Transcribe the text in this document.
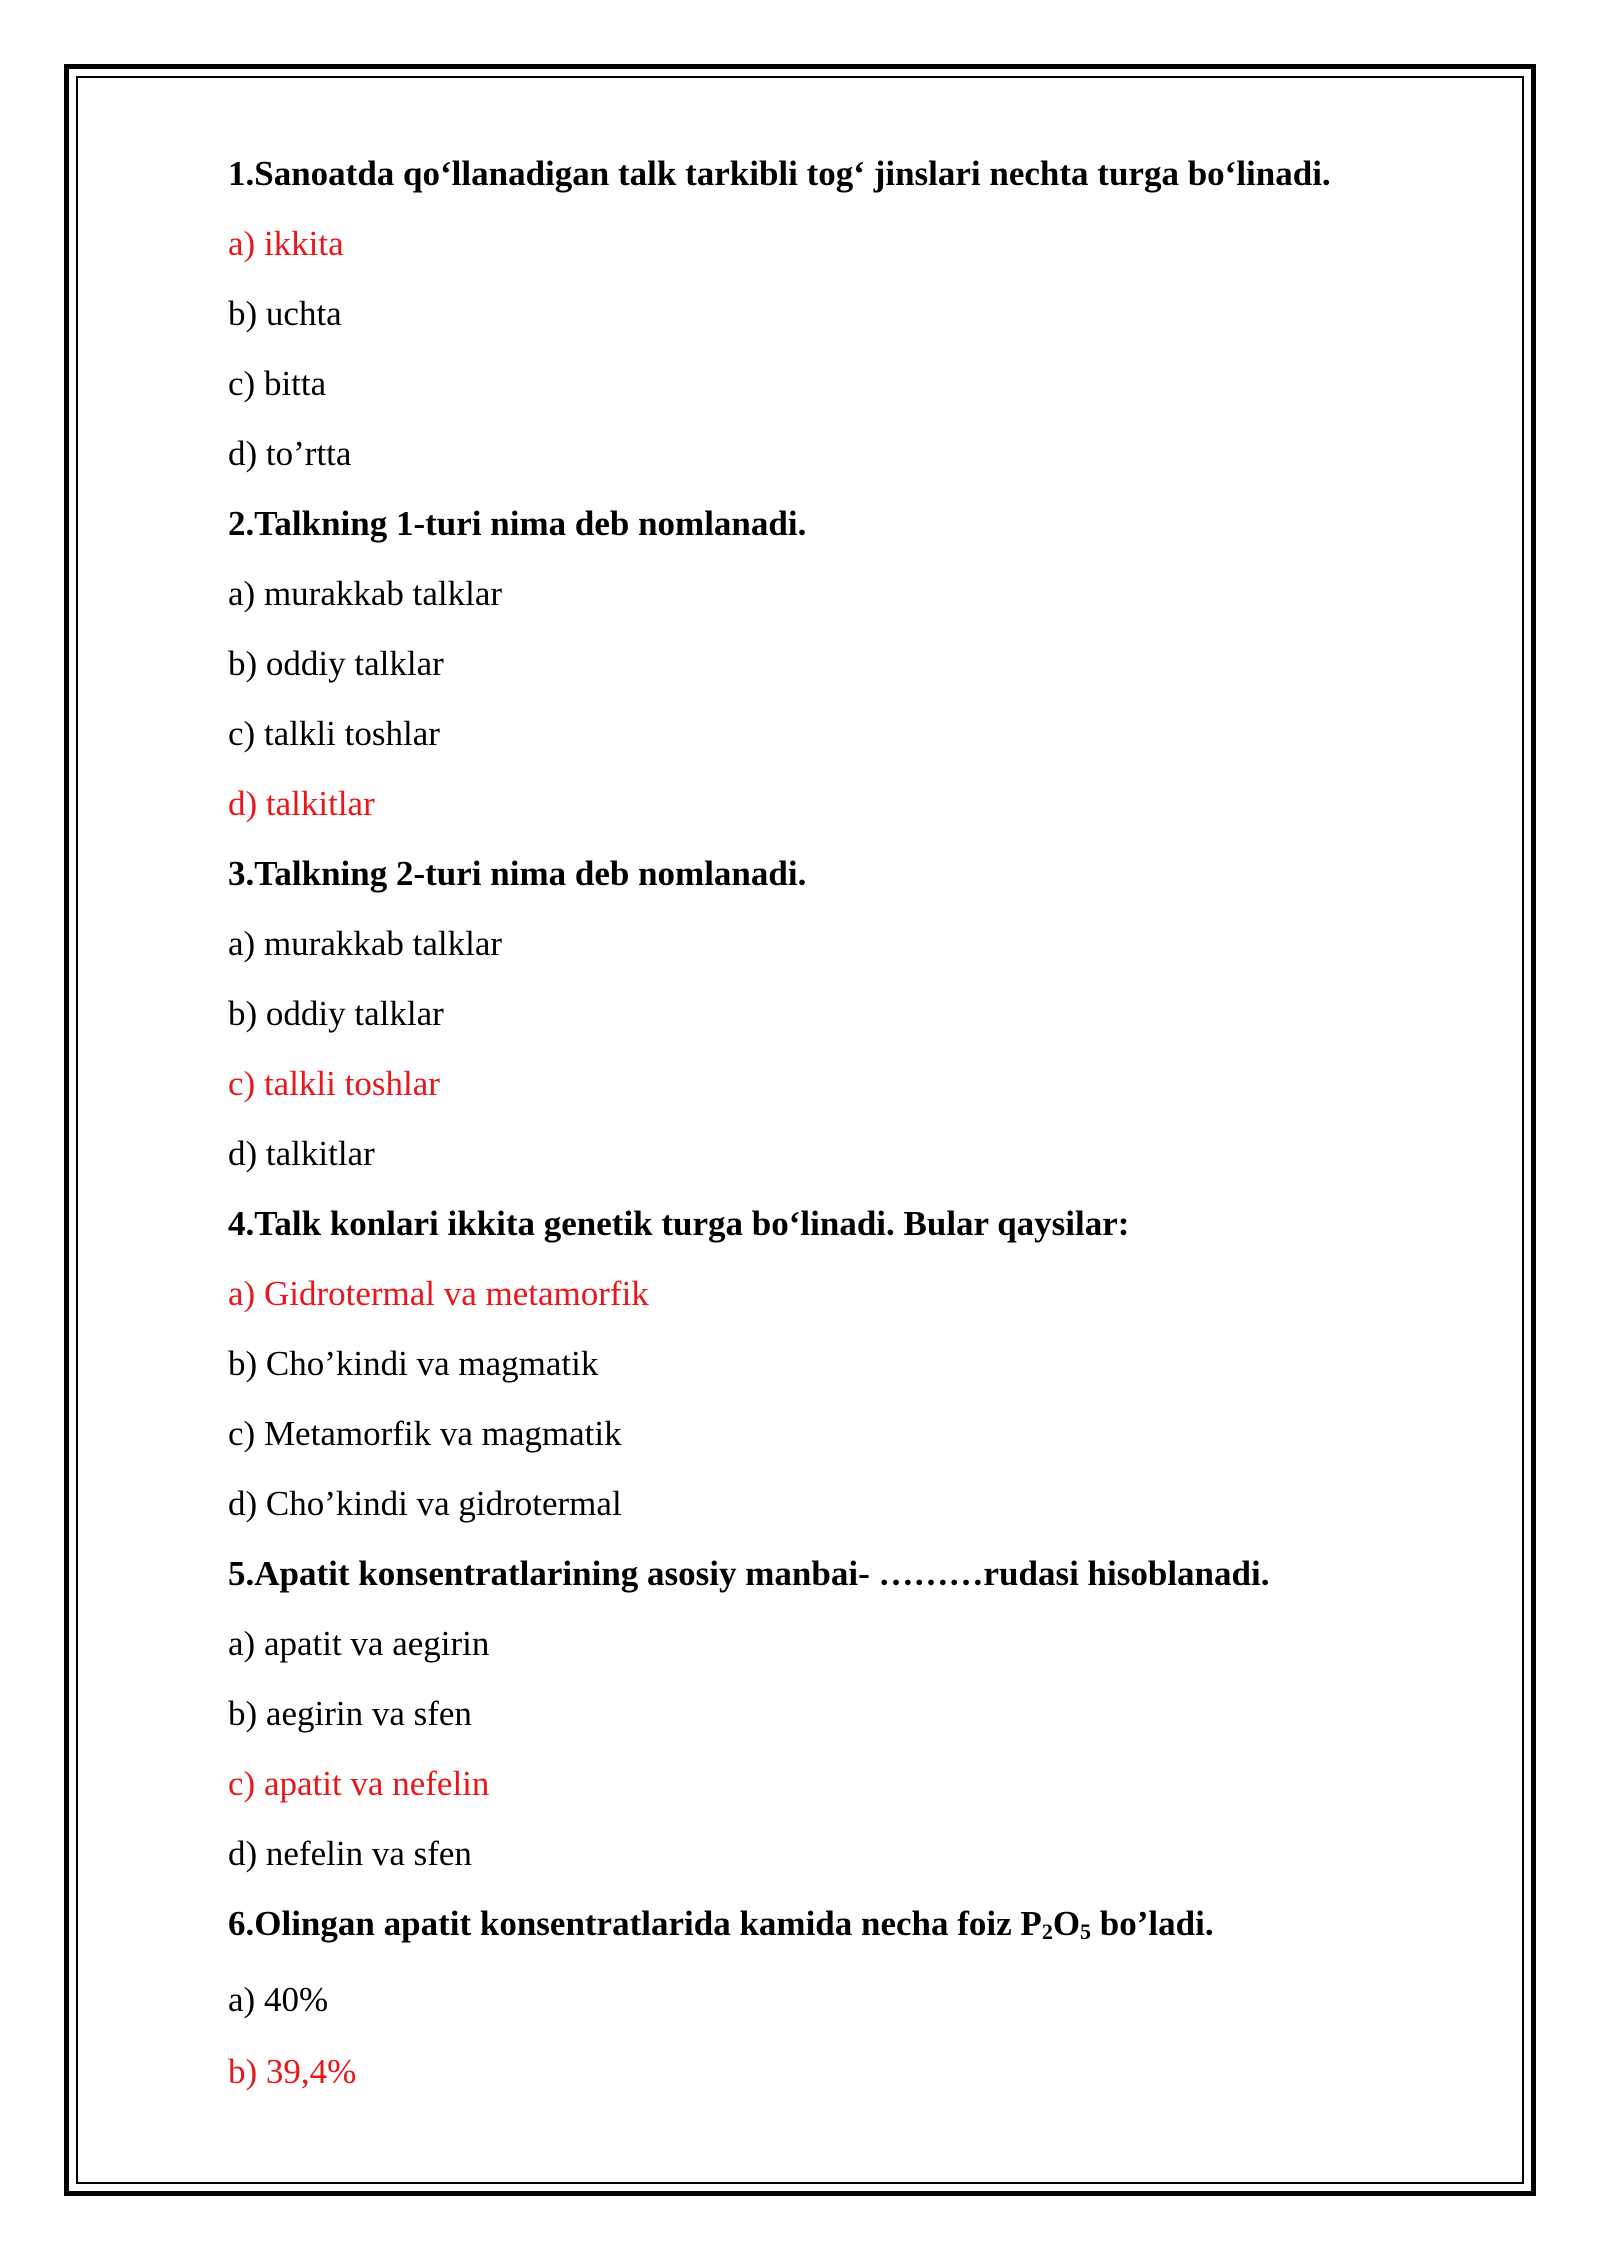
1.Sanoatda qo‘llanadigan talk tarkibli tog‘ jinslari nechta turga bo‘linadi.
a) ikkita
b) uchta
c) bitta
d) to’rtta
2.Talkning 1-turi nima deb nomlanadi.
a) murakkab talklar
b) oddiy talklar
c) talkli toshlar
d) talkitlar
3.Talkning 2-turi nima deb nomlanadi.
a) murakkab talklar
b) oddiy talklar
c) talkli toshlar
d) talkitlar
4.Talk konlari ikkita genetik turga bo‘linadi. Bular qaysilar:
a) Gidrotermal va metamorfik
b) Cho’kindi va magmatik
c) Metamorfik va magmatik
d) Cho’kindi va gidrotermal
5.Apatit konsentratlarining asosiy manbai- ………rudasi hisoblanadi.
a) apatit va aegirin
b) aegirin va sfen
c) apatit va nefelin
d) nefelin va sfen
6.Olingan apatit konsentratlarida kamida necha foiz $P_2O_5$ bo’ladi.
a) 40%
b) 39,4%
